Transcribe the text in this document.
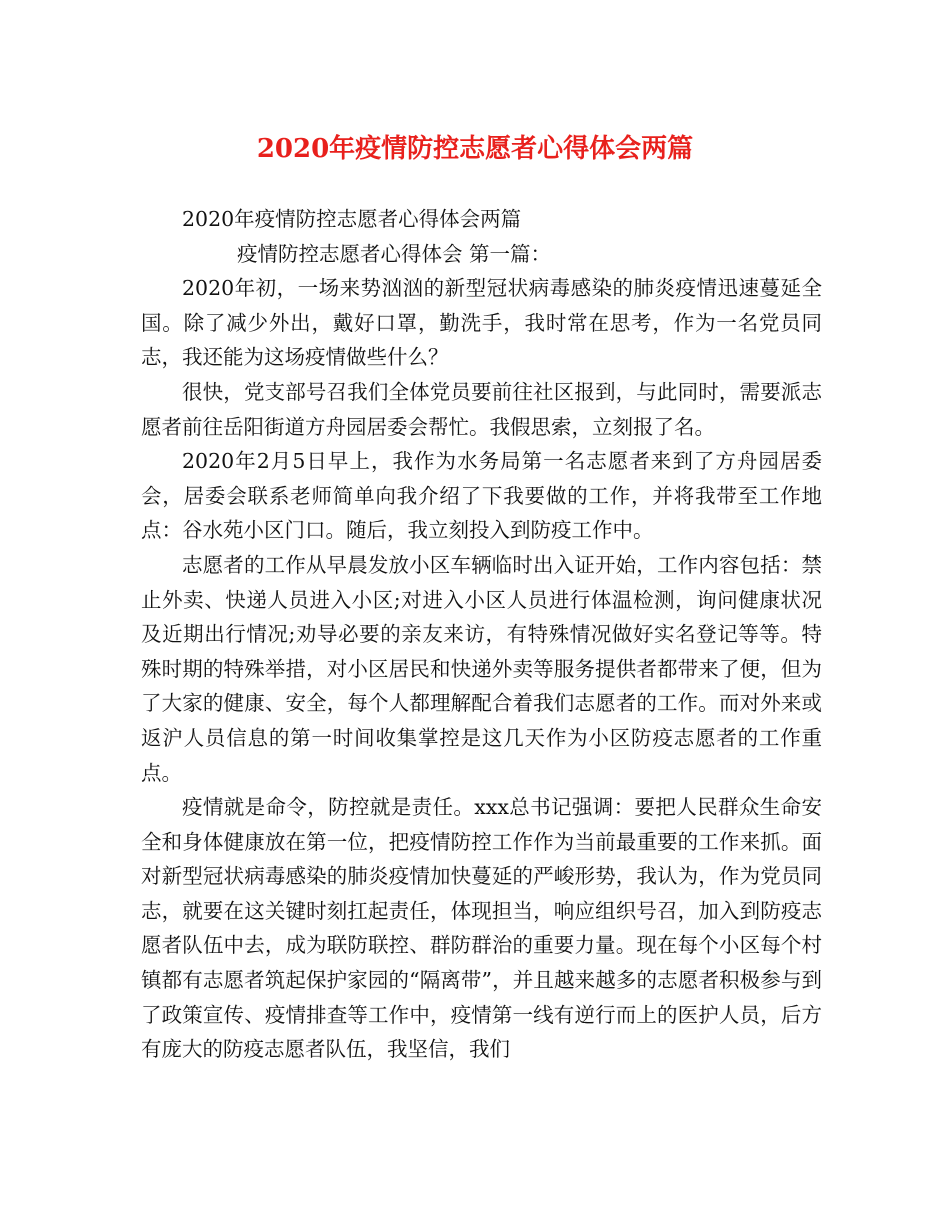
2020年疫情防控志愿者心得体会两篇

2020年疫情防控志愿者心得体会两篇

疫情防控志愿者心得体会 第一篇：

2020年初，一场来势汹汹的新型冠状病毒感染的肺炎疫情迅速蔓延全国。除了减少外出，戴好口罩，勤洗手，我时常在思考，作为一名党员同志，我还能为这场疫情做些什么？

很快，党支部号召我们全体党员要前往社区报到，与此同时，需要派志愿者前往岳阳街道方舟园居委会帮忙。我假思索，立刻报了名。

2020年2月5日早上，我作为水务局第一名志愿者来到了方舟园居委会，居委会联系老师简单向我介绍了下我要做的工作，并将我带至工作地点：谷水苑小区门口。随后，我立刻投入到防疫工作中。

志愿者的工作从早晨发放小区车辆临时出入证开始，工作内容包括：禁止外卖、快递人员进入小区;对进入小区人员进行体温检测，询问健康状况及近期出行情况;劝导必要的亲友来访，有特殊情况做好实名登记等等。特殊时期的特殊举措，对小区居民和快递外卖等服务提供者都带来了便，但为了大家的健康、安全，每个人都理解配合着我们志愿者的工作。而对外来或返沪人员信息的第一时间收集掌控是这几天作为小区防疫志愿者的工作重点。

疫情就是命令，防控就是责任。xxx总书记强调：要把人民群众生命安全和身体健康放在第一位，把疫情防控工作作为当前最重要的工作来抓。面对新型冠状病毒感染的肺炎疫情加快蔓延的严峻形势，我认为，作为党员同志，就要在这关键时刻扛起责任，体现担当，响应组织号召，加入到防疫志愿者队伍中去，成为联防联控、群防群治的重要力量。现在每个小区每个村镇都有志愿者筑起保护家园的“隔离带”，并且越来越多的志愿者积极参与到了政策宣传、疫情排查等工作中，疫情第一线有逆行而上的医护人员，后方有庞大的防疫志愿者队伍，我坚信，我们
